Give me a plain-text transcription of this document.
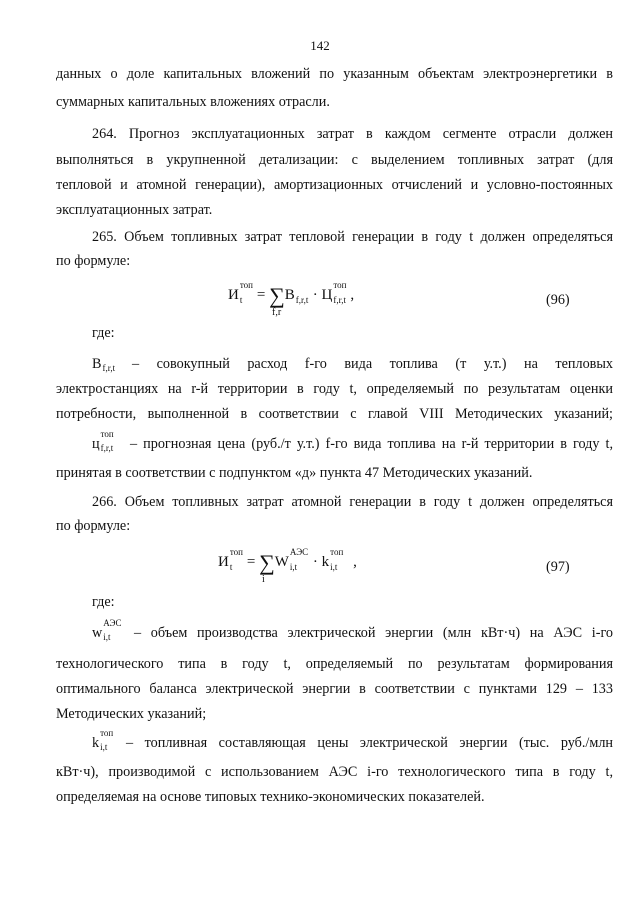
142
данных о доле капитальных вложений по указанным объектам электроэнергетики в
суммарных капитальных вложениях отрасли.
264. Прогноз эксплуатационных затрат в каждом сегменте отрасли должен
выполняться в укрупненной детализации: с выделением топливных затрат (для
тепловой и атомной генерации), амортизационных отчислений и условно-постоянных
эксплуатационных затрат.
265. Объем топливных затрат тепловой генерации в году t должен определяться
по формуле:
И
топ
t = ∑В f,r,t · Ц
топ
f,r,t ,
f,r
(96)
где:
В f,r,t – совокупный расход f-го вида топлива (т у.т.) на тепловых
электростанциях на r-й территории в году t, определяемый по результатам оценки
потребности, выполненной в соответствии с главой VIII Методических указаний;
ц
топ
f,r,t – прогнозная цена (руб./т у.т.) f-го вида топлива на r-й территории в году t,
принятая в соответствии с подпунктом «д» пункта 47 Методических указаний.
266. Объем топливных затрат атомной генерации в году t должен определяться
по формуле:
И
топ
t = ∑W
АЭС
i,t · k
топ
i,t ,
i
(97)
где:
w
АЭС
i,t – объем производства электрической энергии (млн кВт·ч) на АЭС i-го
технологического типа в году t, определяемый по результатам формирования
оптимального баланса электрической энергии в соответствии с пунктами 129 – 133
Методических указаний;
k
топ
i,t – топливная составляющая цены электрической энергии (тыс. руб./млн
кВт·ч), производимой с использованием АЭС i-го технологического типа в году t,
определяемая на основе типовых технико-экономических показателей.
